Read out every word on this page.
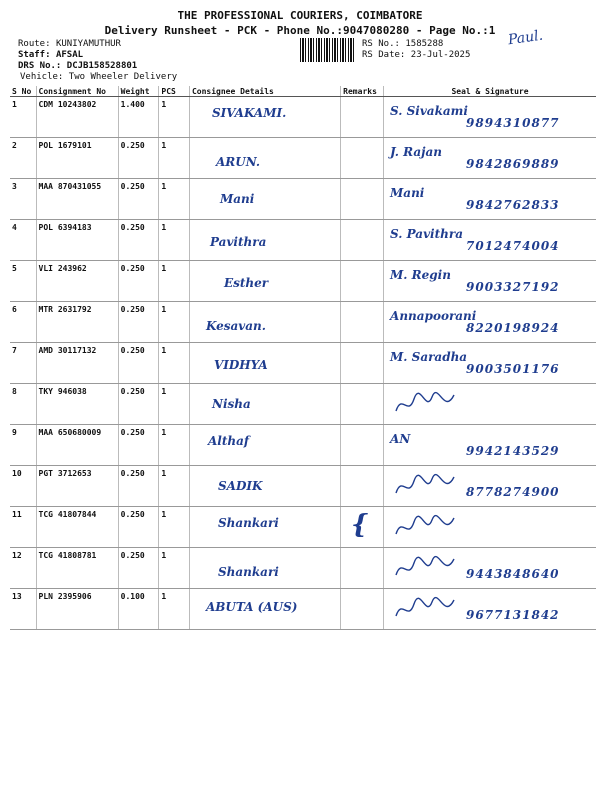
THE PROFESSIONAL COURIERS, COIMBATORE
Delivery Runsheet - PCK - Phone No.:9047080280 - Page No.:1 Paul.
Route: KUNIYAMUTHUR
Staff: AFSAL
DRS No.: DCJB158528801
Vehicle: Two Wheeler Delivery
RS No.: 1585288
RS Date: 23-Jul-2025
S No	Consignment No	Weight	PCS	Consignee Details	Remarks	Seal & Signature
1	CDM 10243802	1.400	1	SIVAKAMI.		S. Sivakami
9894310877

2	POL 1679101	0.250	1	ARUN.		J. Rajan
9842869889

3	MAA 870431055	0.250	1	Mani		Mani
9842762833

4	POL 6394183	0.250	1	Pavithra		S. Pavithra
7012474004

5	VLI 243962	0.250	1	Esther		M. Regin
9003327192

6	MTR 2631792	0.250	1	Kesavan.		Annapoorani
8220198924

7	AMD 30117132	0.250	1	VIDHYA		M. Saradha
9003501176

8	TKY 946038	0.250	1	Nisha

9	MAA 650680009	0.250	1	Althaf		AN
9942143529

10	PGT 3712653	0.250	1	SADIK		8778274900

11	TCG 41807844	0.250	1	Shankari	{	

12	TCG 41808781	0.250	1	Shankari		9443848640

13	PLN 2395906	0.100	1	ABUTA (AUS)		9677131842
